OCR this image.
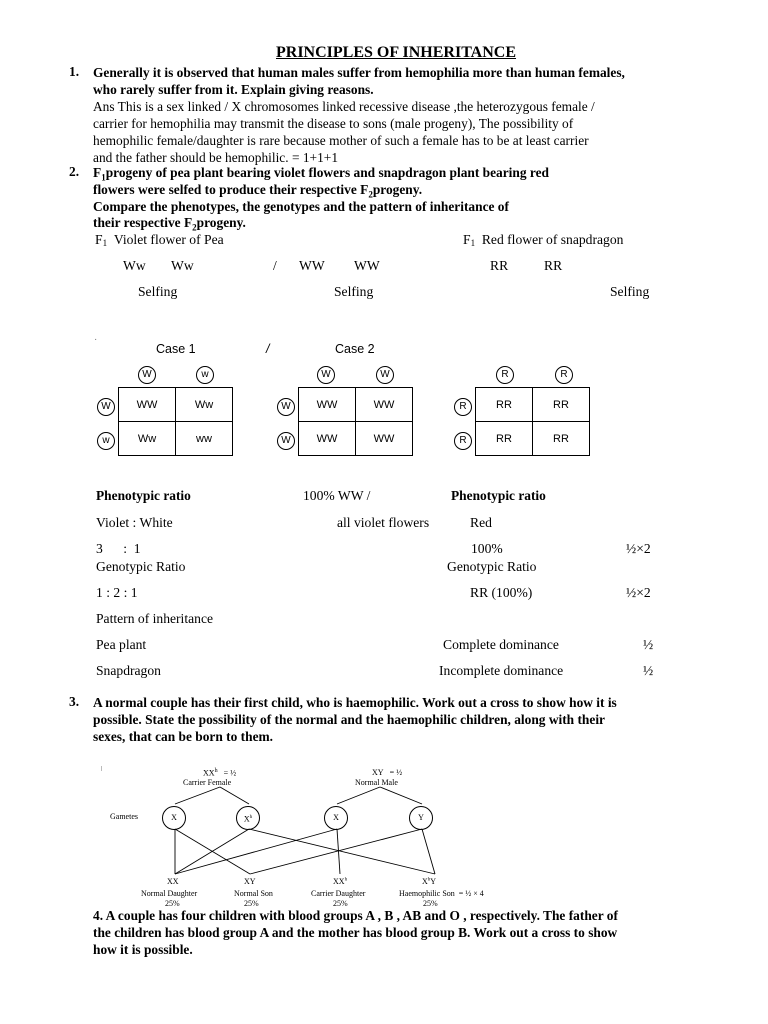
PRINCIPLES OF INHERITANCE
1. Generally it is observed that human males suffer from hemophilia more than human females,
who rarely suffer from it. Explain giving reasons.
Ans This is a sex linked / X chromosomes linked recessive disease ,the heterozygous female /
carrier for hemophilia may transmit the disease to sons (male progeny), The possibility of
hemophilic female/daughter is rare because mother of such a female has to be at least carrier
and the father should be hemophilic. = 1+1+1
2. $F_1progeny$ of pea plant bearing violet flowers and snapdragon plant bearing red
flowers were selfed to produce their respective $F_2progeny$.
Compare the phenotypes, the genotypes and the pattern of inheritance of
their respective $F_2progeny$.
F1 Violet flower of Pea	F1 Red flower of snapdragon
Ww Ww	/ WW WW	RR	RR
Selfing	Selfing	Selfing
·
Case 1	/	Case 2
W	w
W
w
WW	Ww
Ww	ww
W	W
W
W
WW	WW
WW	WW
R	R
R
R
RR	RR
RR	RR
Phenotypic ratio	100% WW /	Phenotypic ratio
Violet : White	all violet flowers	Red
3      :  1	100%	½×2
Genotypic Ratio	Genotypic Ratio
1 : 2 : 1	RR (100%)	½×2
Pattern of inheritance
Pea plant	Complete dominance	½
Snapdragon	Incomplete dominance	½
3. A normal couple has their first child, who is haemophilic. Work out a cross to show how it is
possible. State the possibility of the normal and the haemophilic children, along with their
sexes, that can be born to them.
$XX^h$ = ½
Carrier Female
XY = ½
Normal Male
Gametes	X	$X^h$	X	Y
XX
Normal Daughter
25%
XY
Normal Son
25%
$XX^h$
Carrier Daughter
25%
$X^hY$
Haemophilic Son = ½ × 4
25%
4. A couple has four children with blood groups A , B , AB and O , respectively. The father of
the children has blood group A and the mother has blood group B. Work out a cross to show
how it is possible.
